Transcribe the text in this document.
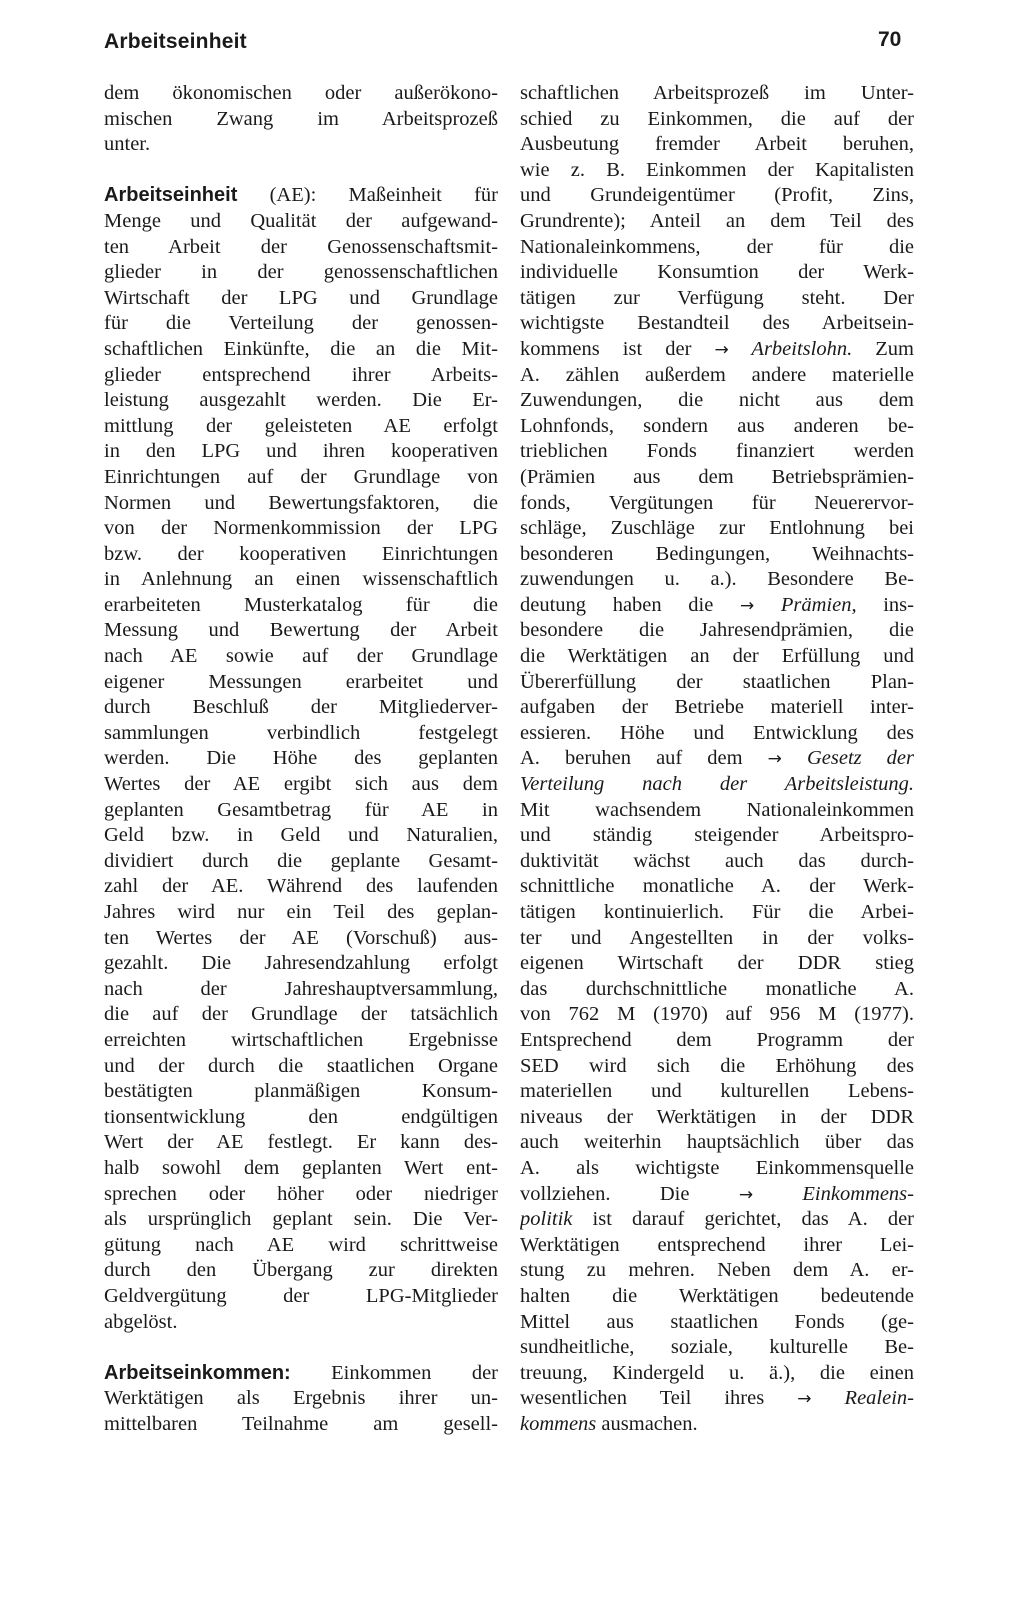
Arbeitseinheit	70
dem ökonomischen oder außerökono-
mischen Zwang im Arbeitsprozeß
unter.
Arbeitseinheit (AE): Maßeinheit für
Menge und Qualität der aufgewand-
ten Arbeit der Genossenschaftsmit-
glieder in der genossenschaftlichen
Wirtschaft der LPG und Grundlage
für die Verteilung der genossen-
schaftlichen Einkünfte, die an die Mit-
glieder entsprechend ihrer Arbeits-
leistung ausgezahlt werden. Die Er-
mittlung der geleisteten AE erfolgt
in den LPG und ihren kooperativen
Einrichtungen auf der Grundlage von
Normen und Bewertungsfaktoren, die
von der Normenkommission der LPG
bzw. der kooperativen Einrichtungen
in Anlehnung an einen wissenschaftlich
erarbeiteten Musterkatalog für die
Messung und Bewertung der Arbeit
nach AE sowie auf der Grundlage
eigener Messungen erarbeitet und
durch Beschluß der Mitgliederver-
sammlungen verbindlich festgelegt
werden. Die Höhe des geplanten
Wertes der AE ergibt sich aus dem
geplanten Gesamtbetrag für AE in
Geld bzw. in Geld und Naturalien,
dividiert durch die geplante Gesamt-
zahl der AE. Während des laufenden
Jahres wird nur ein Teil des geplan-
ten Wertes der AE (Vorschuß) aus-
gezahlt. Die Jahresendzahlung erfolgt
nach der Jahreshauptversammlung,
die auf der Grundlage der tatsächlich
erreichten wirtschaftlichen Ergebnisse
und der durch die staatlichen Organe
bestätigten planmäßigen Konsum-
tionsentwicklung den endgültigen
Wert der AE festlegt. Er kann des-
halb sowohl dem geplanten Wert ent-
sprechen oder höher oder niedriger
als ursprünglich geplant sein. Die Ver-
gütung nach AE wird schrittweise
durch den Übergang zur direkten
Geldvergütung der LPG-Mitglieder
abgelöst.
Arbeitseinkommen: Einkommen der
Werktätigen als Ergebnis ihrer un-
mittelbaren Teilnahme am gesell-
schaftlichen Arbeitsprozeß im Unter-
schied zu Einkommen, die auf der
Ausbeutung fremder Arbeit beruhen,
wie z. B. Einkommen der Kapitalisten
und Grundeigentümer (Profit, Zins,
Grundrente); Anteil an dem Teil des
Nationaleinkommens, der für die
individuelle Konsumtion der Werk-
tätigen zur Verfügung steht. Der
wichtigste Bestandteil des Arbeitsein-
kommens ist der → Arbeitslohn. Zum
A. zählen außerdem andere materielle
Zuwendungen, die nicht aus dem
Lohnfonds, sondern aus anderen be-
trieblichen Fonds finanziert werden
(Prämien aus dem Betriebsprämien-
fonds, Vergütungen für Neuerervor-
schläge, Zuschläge zur Entlohnung bei
besonderen Bedingungen, Weihnachts-
zuwendungen u. a.). Besondere Be-
deutung haben die → Prämien, ins-
besondere die Jahresendprämien, die
die Werktätigen an der Erfüllung und
Übererfüllung der staatlichen Plan-
aufgaben der Betriebe materiell inter-
essieren. Höhe und Entwicklung des
A. beruhen auf dem → Gesetz der
Verteilung nach der Arbeitsleistung.
Mit wachsendem Nationaleinkommen
und ständig steigender Arbeitspro-
duktivität wächst auch das durch-
schnittliche monatliche A. der Werk-
tätigen kontinuierlich. Für die Arbei-
ter und Angestellten in der volks-
eigenen Wirtschaft der DDR stieg
das durchschnittliche monatliche A.
von 762 M (1970) auf 956 M (1977).
Entsprechend dem Programm der
SED wird sich die Erhöhung des
materiellen und kulturellen Lebens-
niveaus der Werktätigen in der DDR
auch weiterhin hauptsächlich über das
A. als wichtigste Einkommensquelle
vollziehen. Die → Einkommens-
politik ist darauf gerichtet, das A. der
Werktätigen entsprechend ihrer Lei-
stung zu mehren. Neben dem A. er-
halten die Werktätigen bedeutende
Mittel aus staatlichen Fonds (ge-
sundheitliche, soziale, kulturelle Be-
treuung, Kindergeld u. ä.), die einen
wesentlichen Teil ihres → Realein-
kommens ausmachen.
